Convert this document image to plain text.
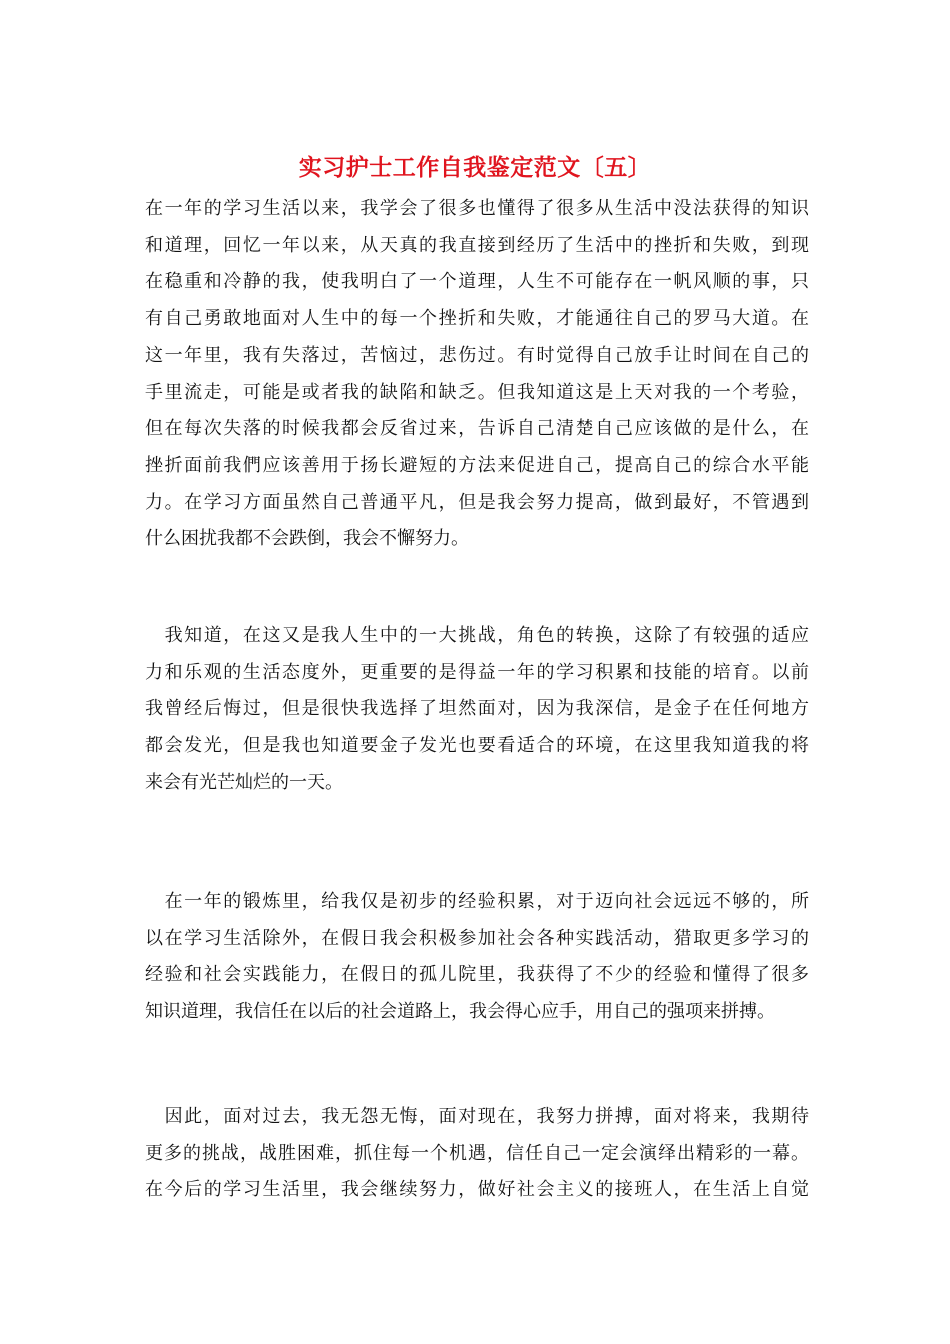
实习护士工作自我鉴定范文〔五〕
在一年的学习生活以来，我学会了很多也懂得了很多从生活中没法获得的知识
和道理，回忆一年以来，从天真的我直接到经历了生活中的挫折和失败，到现
在稳重和冷静的我，使我明白了一个道理，人生不可能存在一帆风顺的事，只
有自己勇敢地面对人生中的每一个挫折和失败，才能通往自己的罗马大道。在
这一年里，我有失落过，苦恼过，悲伤过。有时觉得自己放手让时间在自己的
手里流走，可能是或者我的缺陷和缺乏。但我知道这是上天对我的一个考验，
但在每次失落的时候我都会反省过来，告诉自己清楚自己应该做的是什么，在
挫折面前我們应该善用于扬长避短的方法来促进自己，提高自己的综合水平能
力。在学习方面虽然自己普通平凡，但是我会努力提高，做到最好，不管遇到
什么困扰我都不会跌倒，我会不懈努力。
　我知道，在这又是我人生中的一大挑战，角色的转换，这除了有较强的适应
力和乐观的生活态度外，更重要的是得益一年的学习积累和技能的培育。以前
我曾经后悔过，但是很快我选择了坦然面对，因为我深信，是金子在任何地方
都会发光，但是我也知道要金子发光也要看适合的环境，在这里我知道我的将
来会有光芒灿烂的一天。
　在一年的锻炼里，给我仅是初步的经验积累，对于迈向社会远远不够的，所
以在学习生活除外，在假日我会积极参加社会各种实践活动，猎取更多学习的
经验和社会实践能力，在假日的孤儿院里，我获得了不少的经验和懂得了很多
知识道理，我信任在以后的社会道路上，我会得心应手，用自己的强项来拼搏。
　因此，面对过去，我无怨无悔，面对现在，我努力拼搏，面对将来，我期待
更多的挑战，战胜困难，抓住每一个机遇，信任自己一定会演绎出精彩的一幕。
在今后的学习生活里，我会继续努力，做好社会主义的接班人，在生活上自觉
